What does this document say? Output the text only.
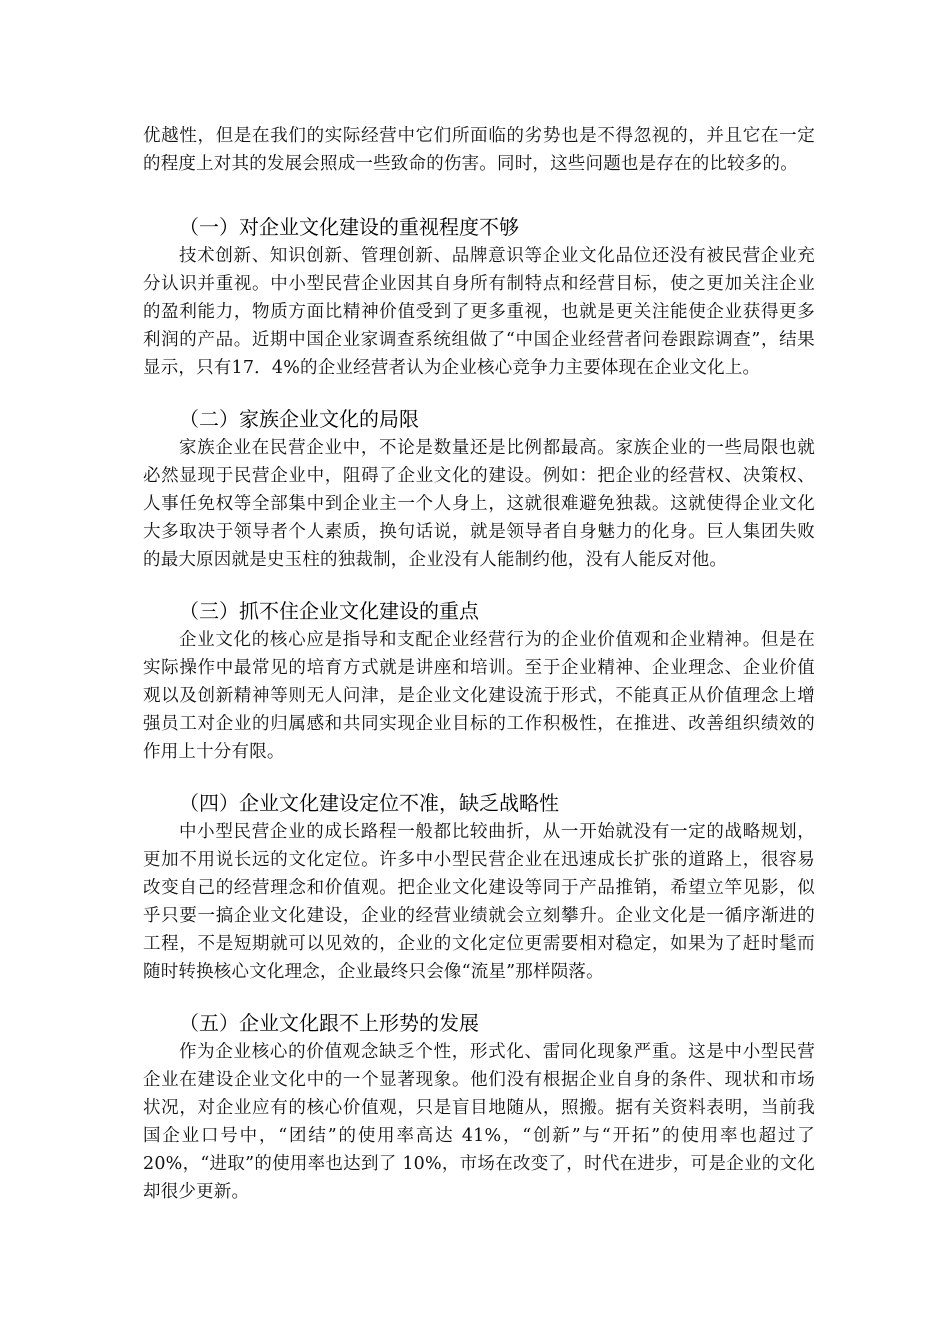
优越性，但是在我们的实际经营中它们所面临的劣势也是不得忽视的，并且它在一定的程度上对其的发展会照成一些致命的伤害。同时，这些问题也是存在的比较多的。

（一）对企业文化建设的重视程度不够

技术创新、知识创新、管理创新、品牌意识等企业文化品位还没有被民营企业充分认识并重视。中小型民营企业因其自身所有制特点和经营目标，使之更加关注企业的盈利能力，物质方面比精神价值受到了更多重视，也就是更关注能使企业获得更多利润的产品。近期中国企业家调查系统组做了“中国企业经营者问卷跟踪调查”，结果显示，只有17．4%的企业经营者认为企业核心竞争力主要体现在企业文化上。

（二）家族企业文化的局限

家族企业在民营企业中，不论是数量还是比例都最高。家族企业的一些局限也就必然显现于民营企业中，阻碍了企业文化的建设。例如：把企业的经营权、决策权、人事任免权等全部集中到企业主一个人身上，这就很难避免独裁。这就使得企业文化大多取决于领导者个人素质，换句话说，就是领导者自身魅力的化身。巨人集团失败的最大原因就是史玉柱的独裁制，企业没有人能制约他，没有人能反对他。

（三）抓不住企业文化建设的重点

企业文化的核心应是指导和支配企业经营行为的企业价值观和企业精神。但是在实际操作中最常见的培育方式就是讲座和培训。至于企业精神、企业理念、企业价值观以及创新精神等则无人问津，是企业文化建设流于形式，不能真正从价值理念上增强员工对企业的归属感和共同实现企业目标的工作积极性，在推进、改善组织绩效的作用上十分有限。

（四）企业文化建设定位不准，缺乏战略性

中小型民营企业的成长路程一般都比较曲折，从一开始就没有一定的战略规划，更加不用说长远的文化定位。许多中小型民营企业在迅速成长扩张的道路上，很容易改变自己的经营理念和价值观。把企业文化建设等同于产品推销，希望立竿见影，似乎只要一搞企业文化建设，企业的经营业绩就会立刻攀升。企业文化是一循序渐进的工程，不是短期就可以见效的，企业的文化定位更需要相对稳定，如果为了赶时髦而随时转换核心文化理念，企业最终只会像“流星”那样陨落。

（五）企业文化跟不上形势的发展

作为企业核心的价值观念缺乏个性，形式化、雷同化现象严重。这是中小型民营企业在建设企业文化中的一个显著现象。他们没有根据企业自身的条件、现状和市场状况，对企业应有的核心价值观，只是盲目地随从，照搬。据有关资料表明，当前我国企业口号中，“团结”的使用率高达 41%，“创新”与“开拓”的使用率也超过了 20%，“进取”的使用率也达到了 10%，市场在改变了，时代在进步，可是企业的文化却很少更新。
